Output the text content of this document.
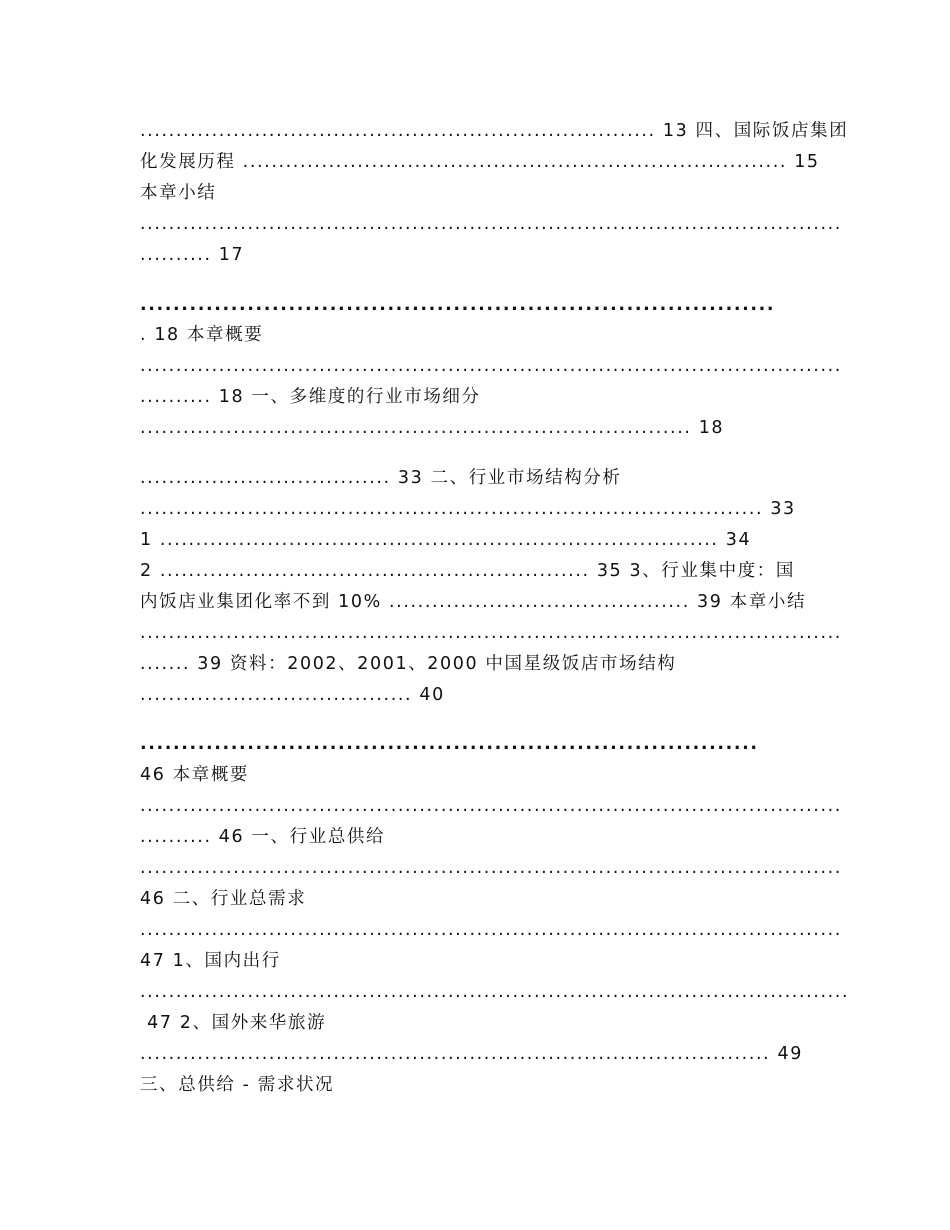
........................................................................ 13 四、国际饭店集团
化发展历程 ............................................................................ 15
本章小结
..................................................................................................
.......... 17
.............................................................................
. 18 本章概要
..................................................................................................
.......... 18 一、多维度的行业市场细分
............................................................................. 18
................................... 33 二、行业市场结构分析
....................................................................................... 33
1 .............................................................................. 34
2 ............................................................ 35 3、行业集中度：国
内饭店业集团化率不到 10% .......................................... 39 本章小结
..................................................................................................
....... 39 资料：2002、2001、2000 中国星级饭店市场结构
...................................... 40
...........................................................................
46 本章概要
..................................................................................................
.......... 46 一、行业总供给
..................................................................................................
46 二、行业总需求
..................................................................................................
47 1、国内出行
...................................................................................................
47 2、国外来华旅游
........................................................................................ 49
三、总供给 - 需求状况
